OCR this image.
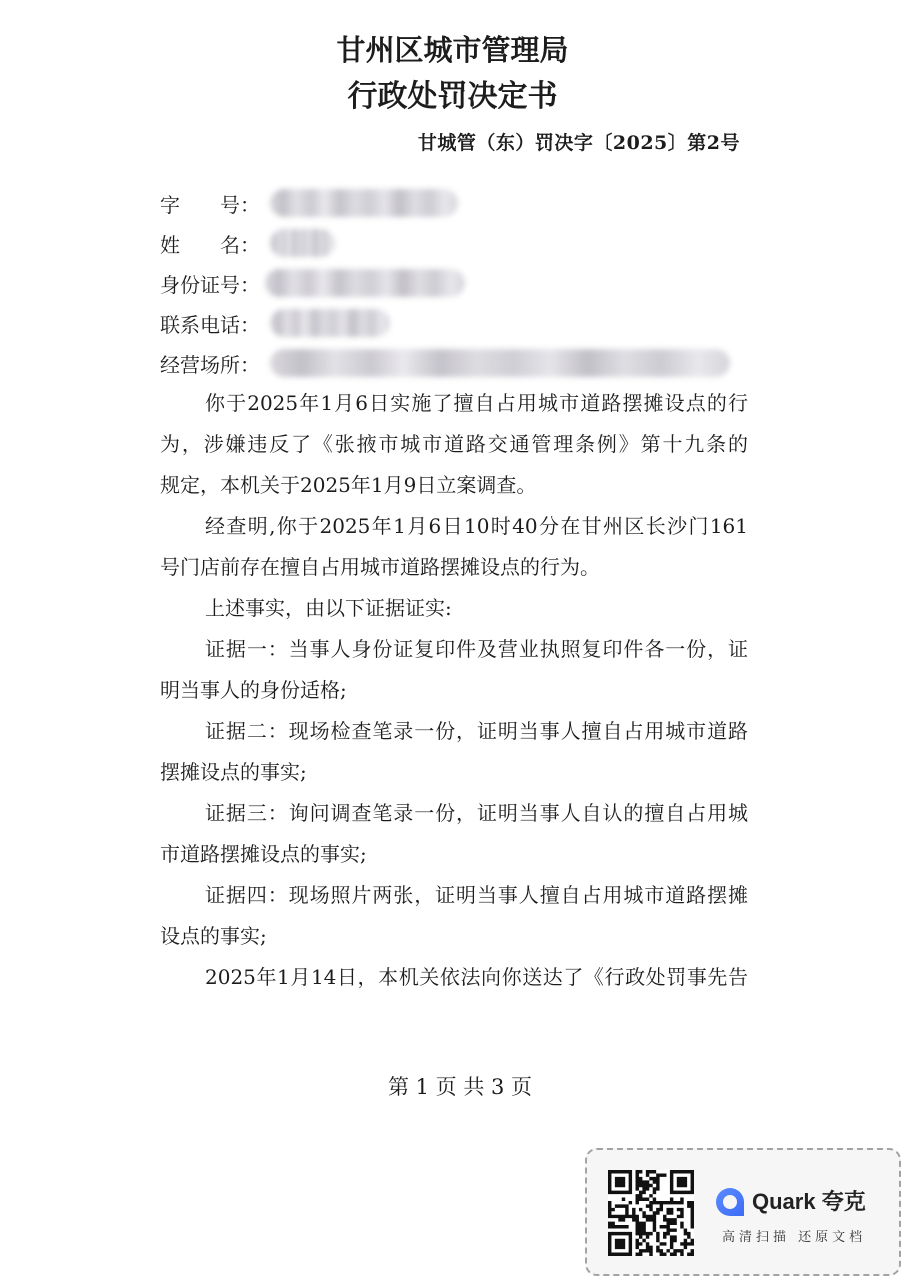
甘州区城市管理局
行政处罚决定书
甘城管（东）罚决字〔2025〕第2号
字　　号：
姓　　名：
身份证号：
联系电话：
经营场所：
你于2025年1月6日实施了擅自占用城市道路摆摊设点的行
为，涉嫌违反了《张掖市城市道路交通管理条例》第十九条的
规定，本机关于2025年1月9日立案调查。
经查明,你于2025年1月6日10时40分在甘州区长沙门161
号门店前存在擅自占用城市道路摆摊设点的行为。
上述事实，由以下证据证实:
证据一：当事人身份证复印件及营业执照复印件各一份，证
明当事人的身份适格;
证据二：现场检查笔录一份，证明当事人擅自占用城市道路
摆摊设点的事实;
证据三：询问调查笔录一份，证明当事人自认的擅自占用城
市道路摆摊设点的事实;
证据四：现场照片两张，证明当事人擅自占用城市道路摆摊
设点的事实;
2025年1月14日，本机关依法向你送达了《行政处罚事先告
第 1 页 共 3 页
Quark 夸克
高清扫描 还原文档
